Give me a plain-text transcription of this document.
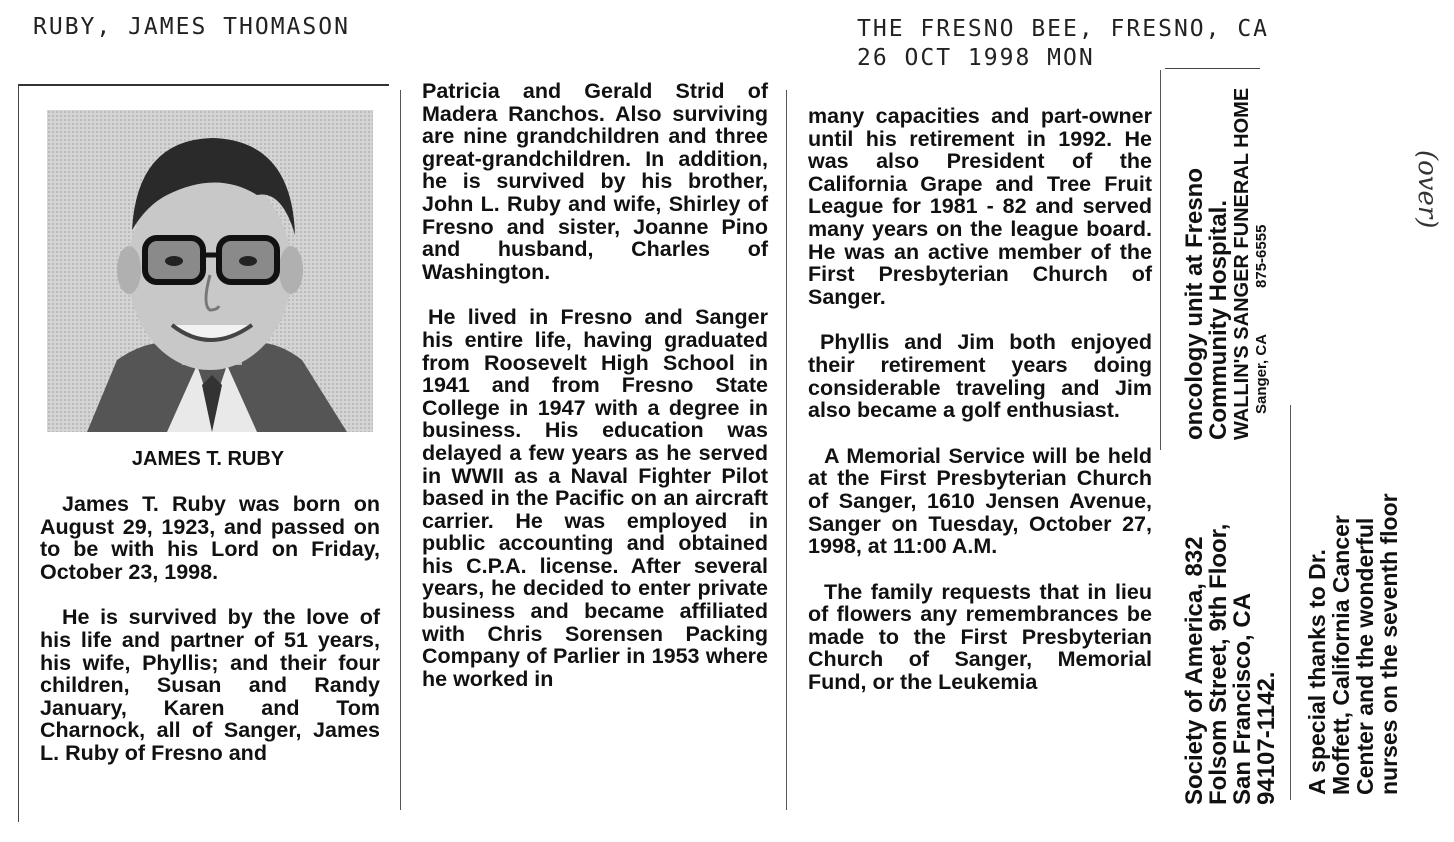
RUBY, JAMES THOMASON	THE FRESNO BEE, FRESNO, CA
26 OCT 1998 MON
JAMES T. RUBY

James T. Ruby was born on August 29, 1923, and passed on to be with his Lord on Friday, October 23, 1998.

He is survived by the love of his life and partner of 51 years, his wife, Phyllis; and their four children, Susan and Randy January, Karen and Tom Charnock, all of Sanger, James L. Ruby of Fresno and

Patricia and Gerald Strid of Madera Ranchos. Also surviving are nine grandchildren and three great-grandchildren. In addition, he is survived by his brother, John L. Ruby and wife, Shirley of Fresno and sister, Joanne Pino and husband, Charles of Washington.

He lived in Fresno and Sanger his entire life, having graduated from Roosevelt High School in 1941 and from Fresno State College in 1947 with a degree in business. His education was delayed a few years as he served in WWII as a Naval Fighter Pilot based in the Pacific on an aircraft carrier. He was employed in public accounting and obtained his C.P.A. license. After several years, he decided to enter private business and became affiliated with Chris Sorensen Packing Company of Parlier in 1953 where he worked in

many capacities and part-owner until his retirement in 1992. He was also President of the California Grape and Tree Fruit League for 1981 - 82 and served many years on the league board. He was an active member of the First Presbyterian Church of Sanger.

Phyllis and Jim both enjoyed their retirement years doing considerable traveling and Jim also became a golf enthusiast.

A Memorial Service will be held at the First Presbyterian Church of Sanger, 1610 Jensen Avenue, Sanger on Tuesday, October 27, 1998, at 11:00 A.M.

The family requests that in lieu of flowers any remembrances be made to the First Presbyterian Church of Sanger, Memorial Fund, or the Leukemia

oncology unit at Fresno
Community Hospital. WALLIN'S SANGER FUNERAL HOME Sanger, CA875-6555
Society of America, 832
Folsom Street, 9th Floor,
San Francisco, CA
94107-1142. A special thanks to Dr.
Moffett, California Cancer
Center and the wonderful
nurses on the seventh floor
(over)
